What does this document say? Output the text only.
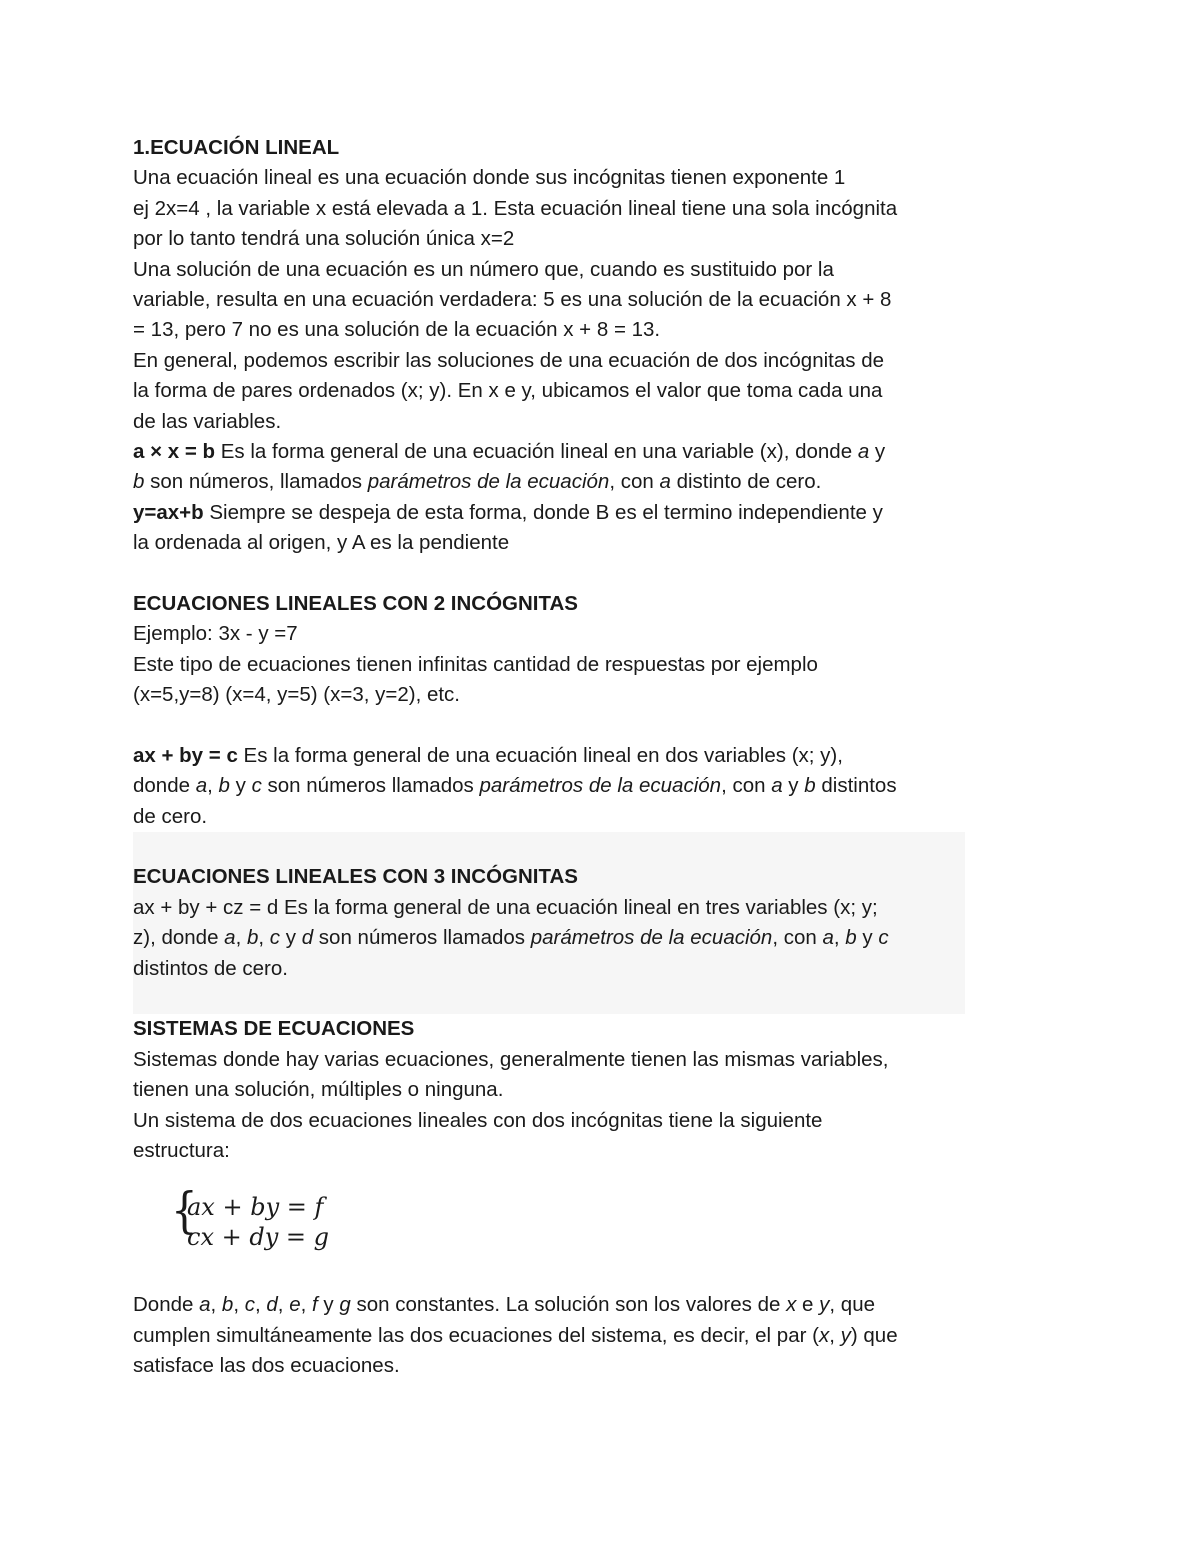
1.ECUACIÓN LINEAL
Una ecuación lineal es una ecuación donde sus incógnitas tienen exponente 1
ej 2x=4 , la variable x está elevada a 1. Esta ecuación lineal tiene una sola incógnita
por lo tanto tendrá una solución única x=2
Una solución de una ecuación es un número que, cuando es sustituido por la
variable, resulta en una ecuación verdadera: 5 es una solución de la ecuación x + 8
= 13, pero 7 no es una solución de la ecuación x + 8 = 13.
En general, podemos escribir las soluciones de una ecuación de dos incógnitas de
la forma de pares ordenados (x; y). En x e y, ubicamos el valor que toma cada una
de las variables.
a × x = b Es la forma general de una ecuación lineal en una variable (x), donde a y
b son números, llamados parámetros de la ecuación, con a distinto de cero.
y=ax+b Siempre se despeja de esta forma, donde B es el termino independiente y
la ordenada al origen, y A es la pendiente
ECUACIONES LINEALES CON 2 INCÓGNITAS
Ejemplo: 3x - y =7
Este tipo de ecuaciones tienen infinitas cantidad de respuestas por ejemplo
(x=5,y=8) (x=4, y=5) (x=3, y=2), etc.
ax + by = c Es la forma general de una ecuación lineal en dos variables (x; y),
donde a, b y c son números llamados parámetros de la ecuación, con a y b distintos
de cero.
ECUACIONES LINEALES CON 3 INCÓGNITAS
ax + by + cz = d Es la forma general de una ecuación lineal en tres variables (x; y;
z), donde a, b, c y d son números llamados parámetros de la ecuación, con a, b y c
distintos de cero.
SISTEMAS DE ECUACIONES
Sistemas donde hay varias ecuaciones, generalmente tienen las mismas variables,
tienen una solución, múltiples o ninguna.
Un sistema de dos ecuaciones lineales con dos incógnitas tiene la siguiente
estructura:
{
ax + by = f
cx + dy = g
Donde a, b, c, d, e, f y g son constantes. La solución son los valores de x e y, que
cumplen simultáneamente las dos ecuaciones del sistema, es decir, el par (x, y) que
satisface las dos ecuaciones.
